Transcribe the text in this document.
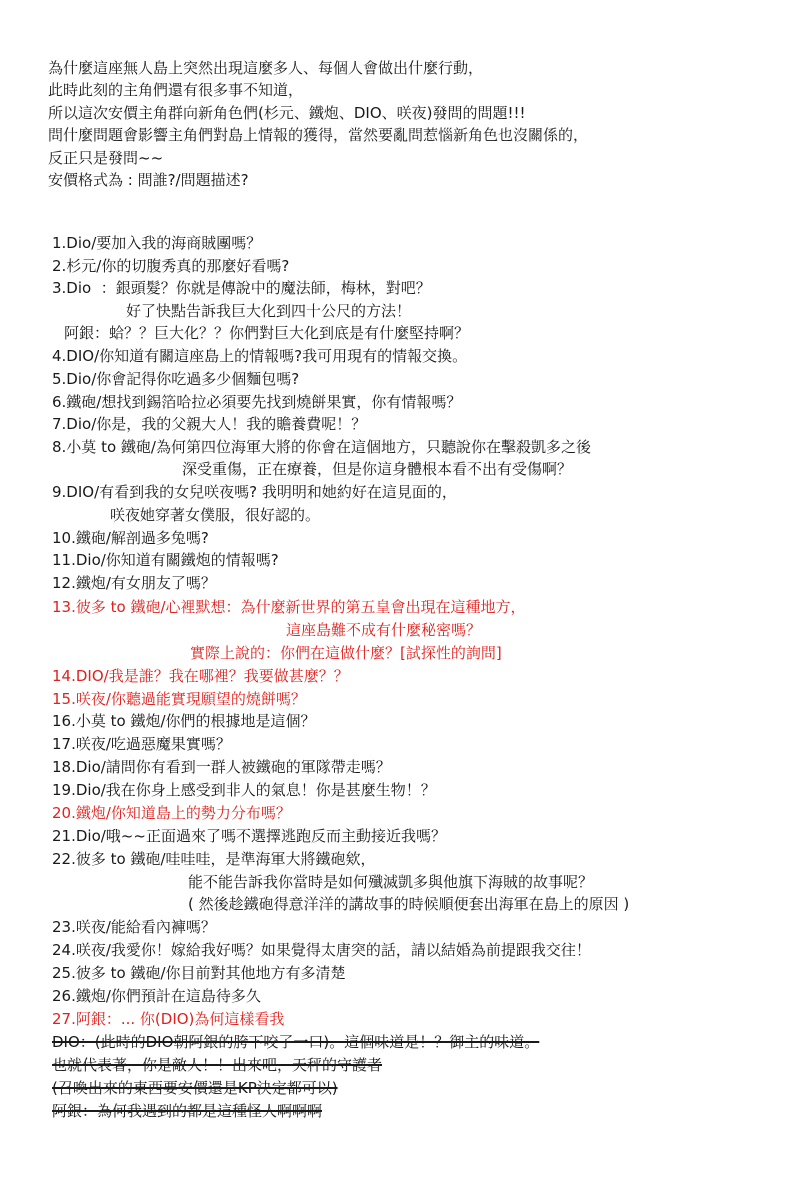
為什麼這座無人島上突然出現這麼多人、每個人會做出什麼行動，
此時此刻的主角們還有很多事不知道，
所以這次安價主角群向新角色們(杉元、鐵炮、DIO、咲夜)發問的問題!!!
問什麼問題會影響主角們對島上情報的獲得，當然要亂問惹惱新角色也沒關係的，
反正只是發問~~
安價格式為 : 問誰?/問題描述?
1.Dio/要加入我的海商賊團嗎？
2.杉元/你的切腹秀真的那麼好看嗎?
3.Dio  ：銀頭髮？你就是傳說中的魔法師，梅林，對吧？
好了快點告訴我巨大化到四十公尺的方法！
阿銀：蛤？？巨大化？？你們對巨大化到底是有什麼堅持啊？
4.DIO/你知道有關這座島上的情報嗎?我可用現有的情報交換。
5.Dio/你會記得你吃過多少個麵包嗎?
6.鐵砲/想找到錫箔哈拉必須要先找到燒餅果實，你有情報嗎？
7.Dio/你是，我的父親大人！我的贍養費呢！？
8.小莫 to 鐵砲/為何第四位海軍大將的你會在這個地方，只聽說你在擊殺凱多之後
深受重傷，正在療養，但是你這身體根本看不出有受傷啊？
9.DIO/有看到我的女兒咲夜嗎? 我明明和她約好在這見面的，
咲夜她穿著女僕服，很好認的。
10.鐵砲/解剖過多兔嗎?
11.Dio/你知道有關鐵炮的情報嗎?
12.鐵炮/有女朋友了嗎？
13.彼多 to 鐵砲/心裡默想：為什麼新世界的第五皇會出現在這種地方，
這座島難不成有什麼秘密嗎？
實際上說的：你們在這做什麼？[試探性的詢問]
14.DIO/我是誰？我在哪裡？我要做甚麼？？
15.咲夜/你聽過能實現願望的燒餅嗎？
16.小莫 to 鐵炮/你們的根據地是這個？
17.咲夜/吃過惡魔果實嗎？
18.Dio/請問你有看到一群人被鐵砲的軍隊帶走嗎？
19.Dio/我在你身上感受到非人的氣息！你是甚麼生物！？
20.鐵炮/你知道島上的勢力分布嗎？
21.Dio/哦~~正面過來了嗎不選擇逃跑反而主動接近我嗎？
22.彼多 to 鐵砲/哇哇哇，是準海軍大將鐵砲欸，
能不能告訴我你當時是如何殲滅凱多與他旗下海賊的故事呢？
( 然後趁鐵砲得意洋洋的講故事的時候順便套出海軍在島上的原因 )
23.咲夜/能給看內褲嗎？
24.咲夜/我愛你！嫁給我好嗎？如果覺得太唐突的話，請以結婚為前提跟我交往！
25.彼多 to 鐵砲/你目前對其他地方有多清楚
26.鐵炮/你們預計在這島待多久
27.阿銀：... 你(DIO)為何這樣看我
DIO：(此時的DIO朝阿銀的胯下咬了一口)。這個味道是！？御主的味道。
也就代表著，你是敵人！！出來吧，天秤的守護者
(召喚出來的東西要安價還是KP決定都可以)
阿銀：為何我遇到的都是這種怪人啊啊啊
